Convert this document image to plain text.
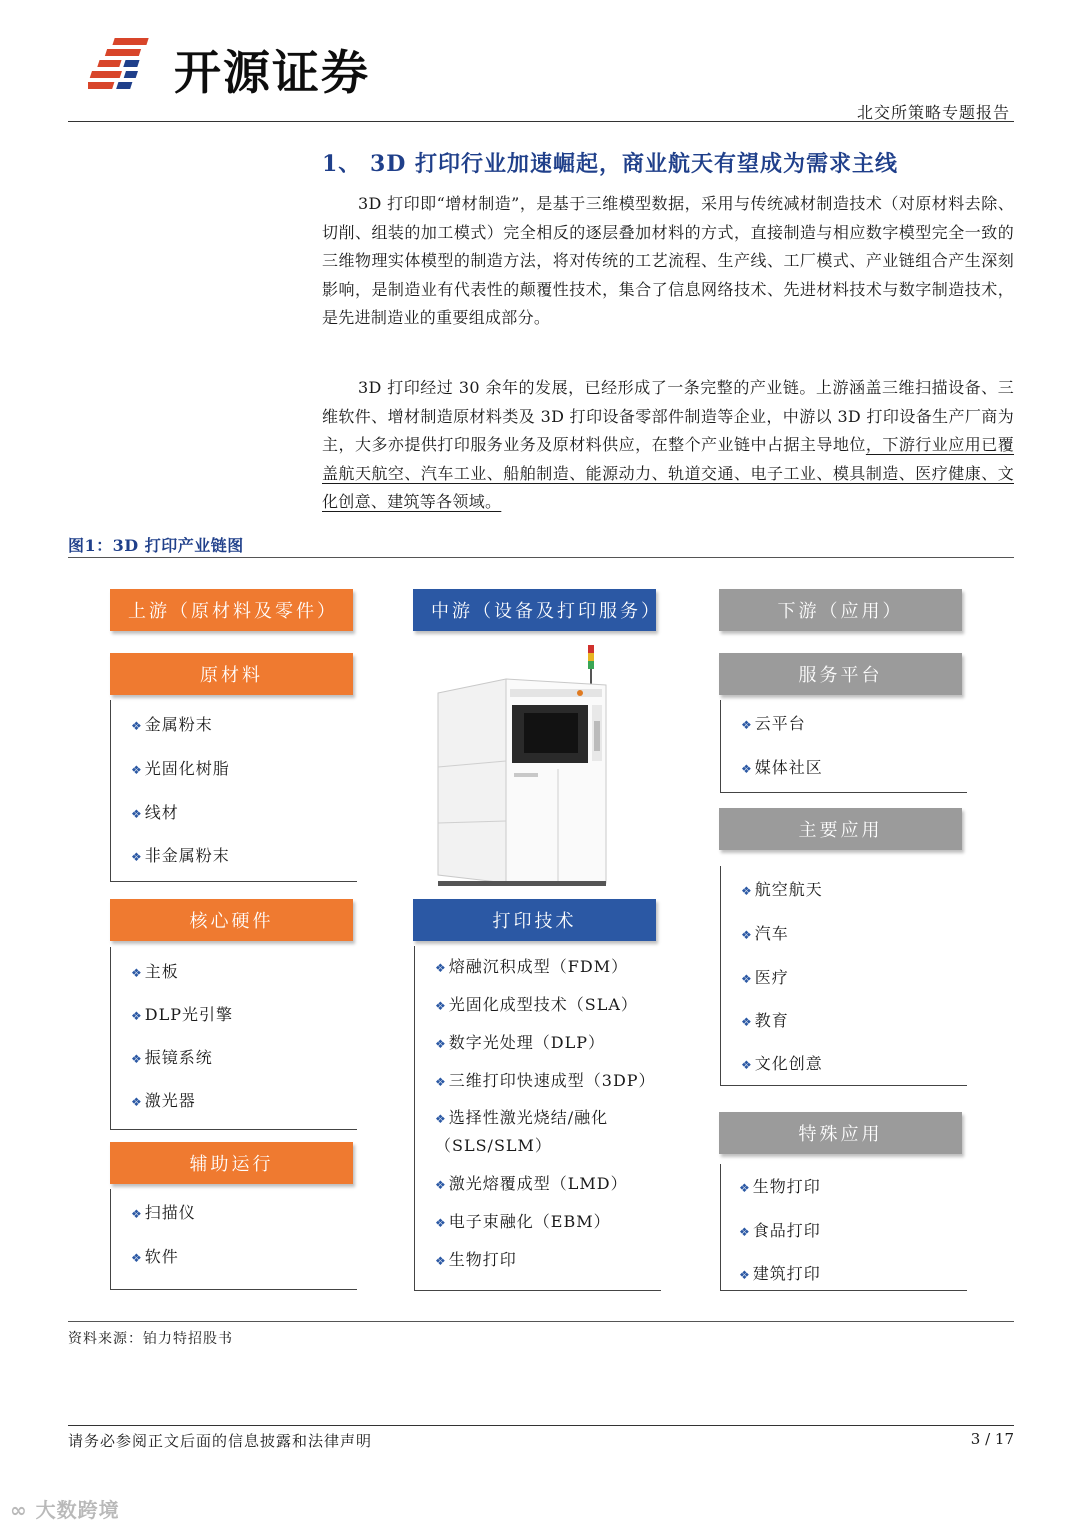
开源证券
北交所策略专题报告
1、 3D 打印行业加速崛起，商业航天有望成为需求主线

3D 打印即“增材制造”，是基于三维模型数据，采用与传统减材制造技术（对原材料去除、切削、组装的加工模式）完全相反的逐层叠加材料的方式，直接制造与相应数字模型完全一致的三维物理实体模型的制造方法，将对传统的工艺流程、生产线、工厂模式、产业链组合产生深刻影响，是制造业有代表性的颠覆性技术，集合了信息网络技术、先进材料技术与数字制造技术，是先进制造业的重要组成部分。

3D 打印经过 30 余年的发展，已经形成了一条完整的产业链。上游涵盖三维扫描设备、三维软件、增材制造原材料类及 3D 打印设备零部件制造等企业，中游以 3D 打印设备生产厂商为主，大多亦提供打印服务业务及原材料供应，在整个产业链中占据主导地位，下游行业应用已覆盖航天航空、汽车工业、船舶制造、能源动力、轨道交通、电子工业、模具制造、医疗健康、文化创意、建筑等各领域。

图1：3D 打印产业链图
上游（原材料及零件）
原材料
❖ 金属粉末
❖ 光固化树脂
❖ 线材
❖ 非金属粉末
核心硬件
❖ 主板
❖ DLP光引擎
❖ 振镜系统
❖ 激光器
辅助运行
❖ 扫描仪
❖ 软件
中游（设备及打印服务）
打印技术
❖ 熔融沉积成型（FDM）
❖ 光固化成型技术（SLA）
❖ 数字光处理（DLP）
❖ 三维打印快速成型（3DP）
❖ 选择性激光烧结/融化
（SLS/SLM）
❖ 激光熔覆成型（LMD）
❖ 电子束融化（EBM）
❖ 生物打印
下游（应用）
服务平台
❖ 云平台
❖ 媒体社区
主要应用
❖ 航空航天
❖ 汽车
❖ 医疗
❖ 教育
❖ 文化创意
特殊应用
❖ 生物打印
❖ 食品打印
❖ 建筑打印
资料来源：铂力特招股书
请务必参阅正文后面的信息披露和法律声明	3 / 17
∞ 大数跨境
